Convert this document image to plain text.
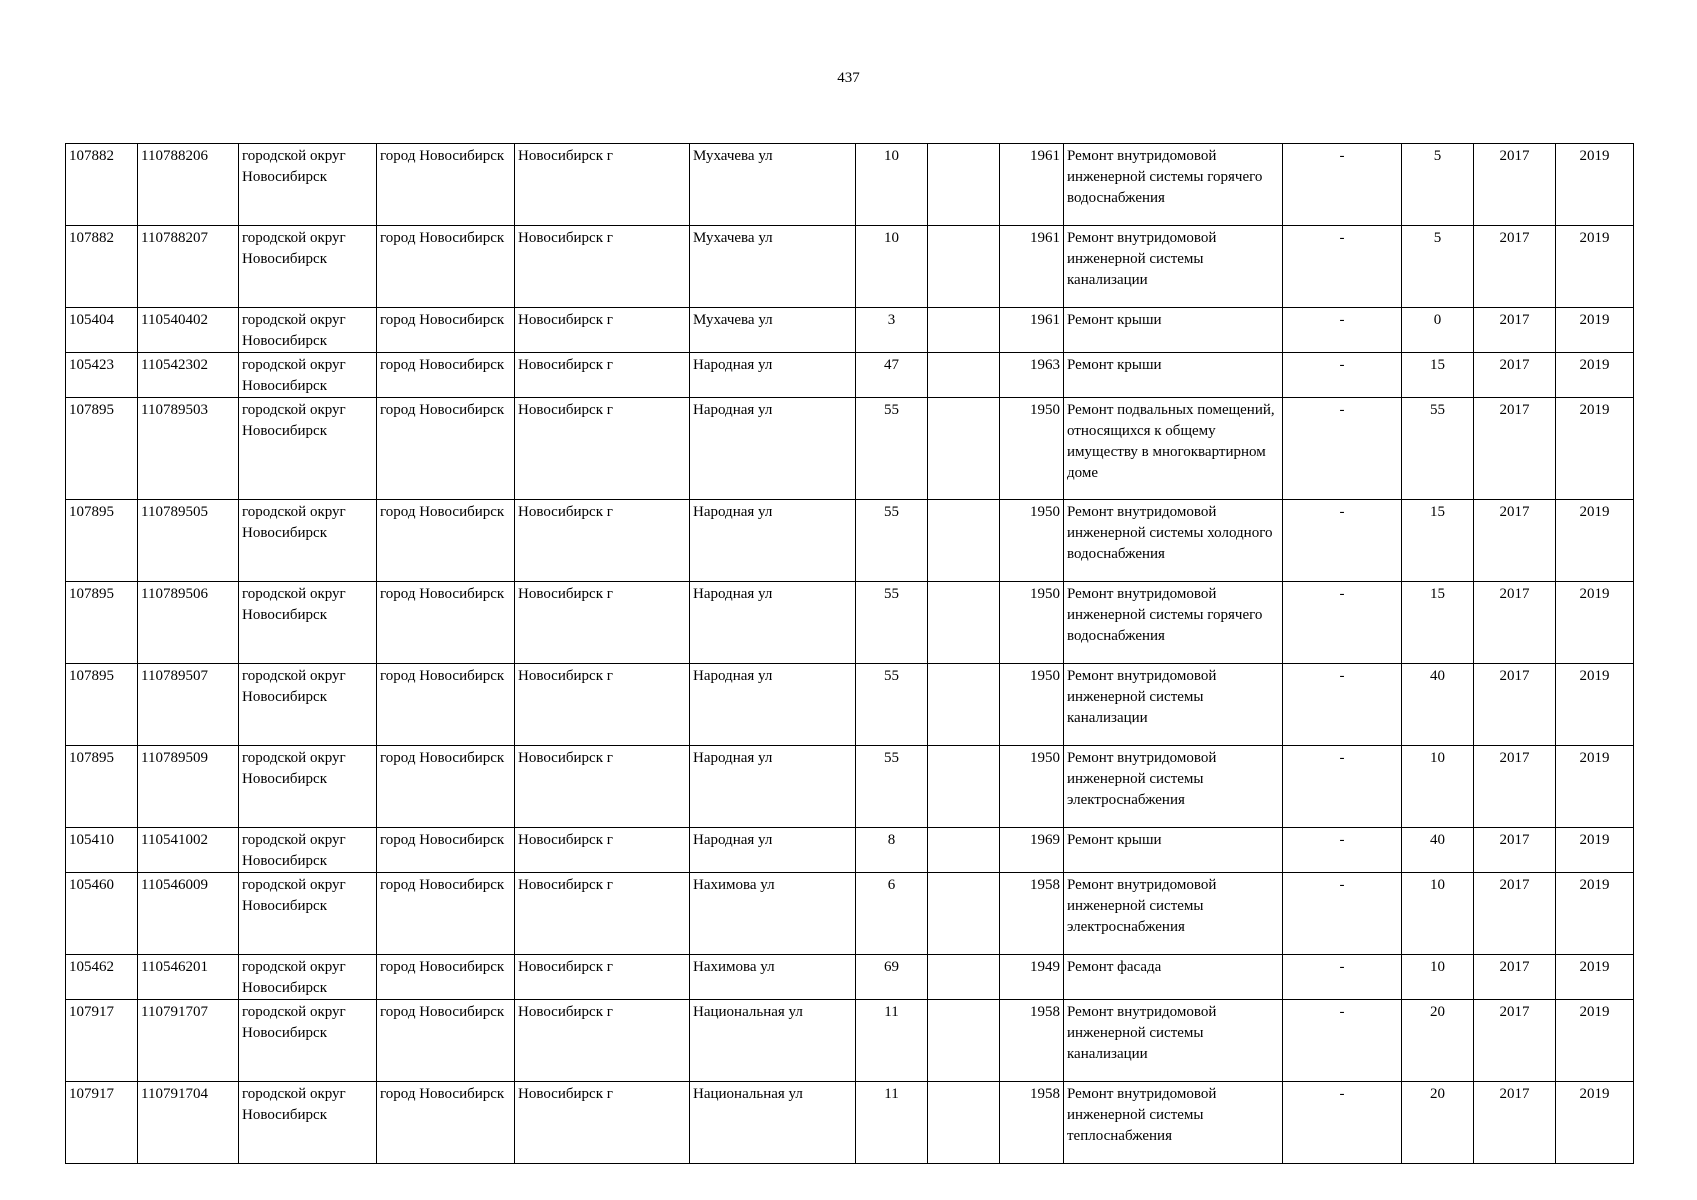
437
107882	110788206	городской округ Новосибирск	город Новосибирск	Новосибирск г	Мухачева ул	10		1961	Ремонт внутридомовой инженерной системы горячего водоснабжения	-	5	2017	2019
107882	110788207	городской округ Новосибирск	город Новосибирск	Новосибирск г	Мухачева ул	10		1961	Ремонт внутридомовой инженерной системы канализации	-	5	2017	2019
105404	110540402	городской округ Новосибирск	город Новосибирск	Новосибирск г	Мухачева ул	3		1961	Ремонт крыши	-	0	2017	2019
105423	110542302	городской округ Новосибирск	город Новосибирск	Новосибирск г	Народная ул	47		1963	Ремонт крыши	-	15	2017	2019
107895	110789503	городской округ Новосибирск	город Новосибирск	Новосибирск г	Народная ул	55		1950	Ремонт подвальных помещений, относящихся к общему имуществу в многоквартирном доме	-	55	2017	2019
107895	110789505	городской округ Новосибирск	город Новосибирск	Новосибирск г	Народная ул	55		1950	Ремонт внутридомовой инженерной системы холодного водоснабжения	-	15	2017	2019
107895	110789506	городской округ Новосибирск	город Новосибирск	Новосибирск г	Народная ул	55		1950	Ремонт внутридомовой инженерной системы горячего водоснабжения	-	15	2017	2019
107895	110789507	городской округ Новосибирск	город Новосибирск	Новосибирск г	Народная ул	55		1950	Ремонт внутридомовой инженерной системы канализации	-	40	2017	2019
107895	110789509	городской округ Новосибирск	город Новосибирск	Новосибирск г	Народная ул	55		1950	Ремонт внутридомовой инженерной системы электроснабжения	-	10	2017	2019
105410	110541002	городской округ Новосибирск	город Новосибирск	Новосибирск г	Народная ул	8		1969	Ремонт крыши	-	40	2017	2019
105460	110546009	городской округ Новосибирск	город Новосибирск	Новосибирск г	Нахимова ул	6		1958	Ремонт внутридомовой инженерной системы электроснабжения	-	10	2017	2019
105462	110546201	городской округ Новосибирск	город Новосибирск	Новосибирск г	Нахимова ул	69		1949	Ремонт фасада	-	10	2017	2019
107917	110791707	городской округ Новосибирск	город Новосибирск	Новосибирск г	Национальная ул	11		1958	Ремонт внутридомовой инженерной системы канализации	-	20	2017	2019
107917	110791704	городской округ Новосибирск	город Новосибирск	Новосибирск г	Национальная ул	11		1958	Ремонт внутридомовой инженерной системы теплоснабжения	-	20	2017	2019
